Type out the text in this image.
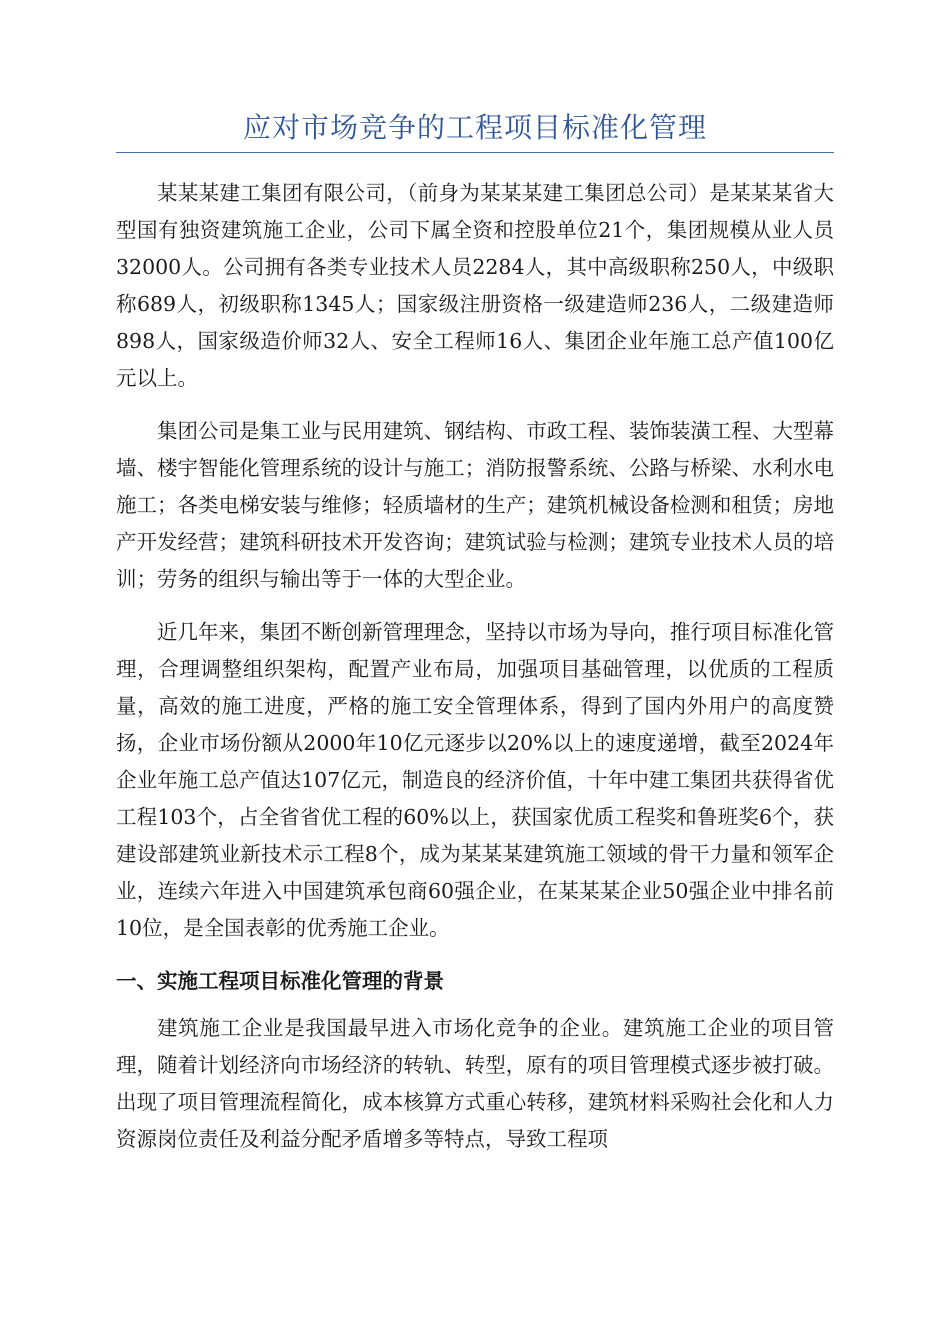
应对市场竞争的工程项目标准化管理

某某某建工集团有限公司，（前身为某某某建工集团总公司）是某某某省大型国有独资建筑施工企业，公司下属全资和控股单位21个，集团规模从业人员32000人。公司拥有各类专业技术人员2284人，其中高级职称250人，中级职称689人，初级职称1345人；国家级注册资格一级建造师236人，二级建造师898人，国家级造价师32人、安全工程师16人、集团企业年施工总产值100亿元以上。

集团公司是集工业与民用建筑、钢结构、市政工程、装饰装潢工程、大型幕墙、楼宇智能化管理系统的设计与施工；消防报警系统、公路与桥梁、水利水电施工；各类电梯安装与维修；轻质墙材的生产；建筑机械设备检测和租赁；房地产开发经营；建筑科研技术开发咨询；建筑试验与检测；建筑专业技术人员的培训；劳务的组织与输出等于一体的大型企业。

近几年来，集团不断创新管理理念，坚持以市场为导向，推行项目标准化管理，合理调整组织架构，配置产业布局，加强项目基础管理，以优质的工程质量，高效的施工进度，严格的施工安全管理体系，得到了国内外用户的高度赞扬，企业市场份额从2000年10亿元逐步以20%以上的速度递增，截至2024年企业年施工总产值达107亿元，制造良的经济价值，十年中建工集团共获得省优工程103个，占全省省优工程的60%以上，获国家优质工程奖和鲁班奖6个，获建设部建筑业新技术示工程8个，成为某某某建筑施工领域的骨干力量和领军企业，连续六年进入中国建筑承包商60强企业，在某某某企业50强企业中排名前10位，是全国表彰的优秀施工企业。

一、实施工程项目标准化管理的背景

建筑施工企业是我国最早进入市场化竞争的企业。建筑施工企业的项目管理，随着计划经济向市场经济的转轨、转型，原有的项目管理模式逐步被打破。出现了项目管理流程简化，成本核算方式重心转移，建筑材料采购社会化和人力资源岗位责任及利益分配矛盾增多等特点，导致工程项
